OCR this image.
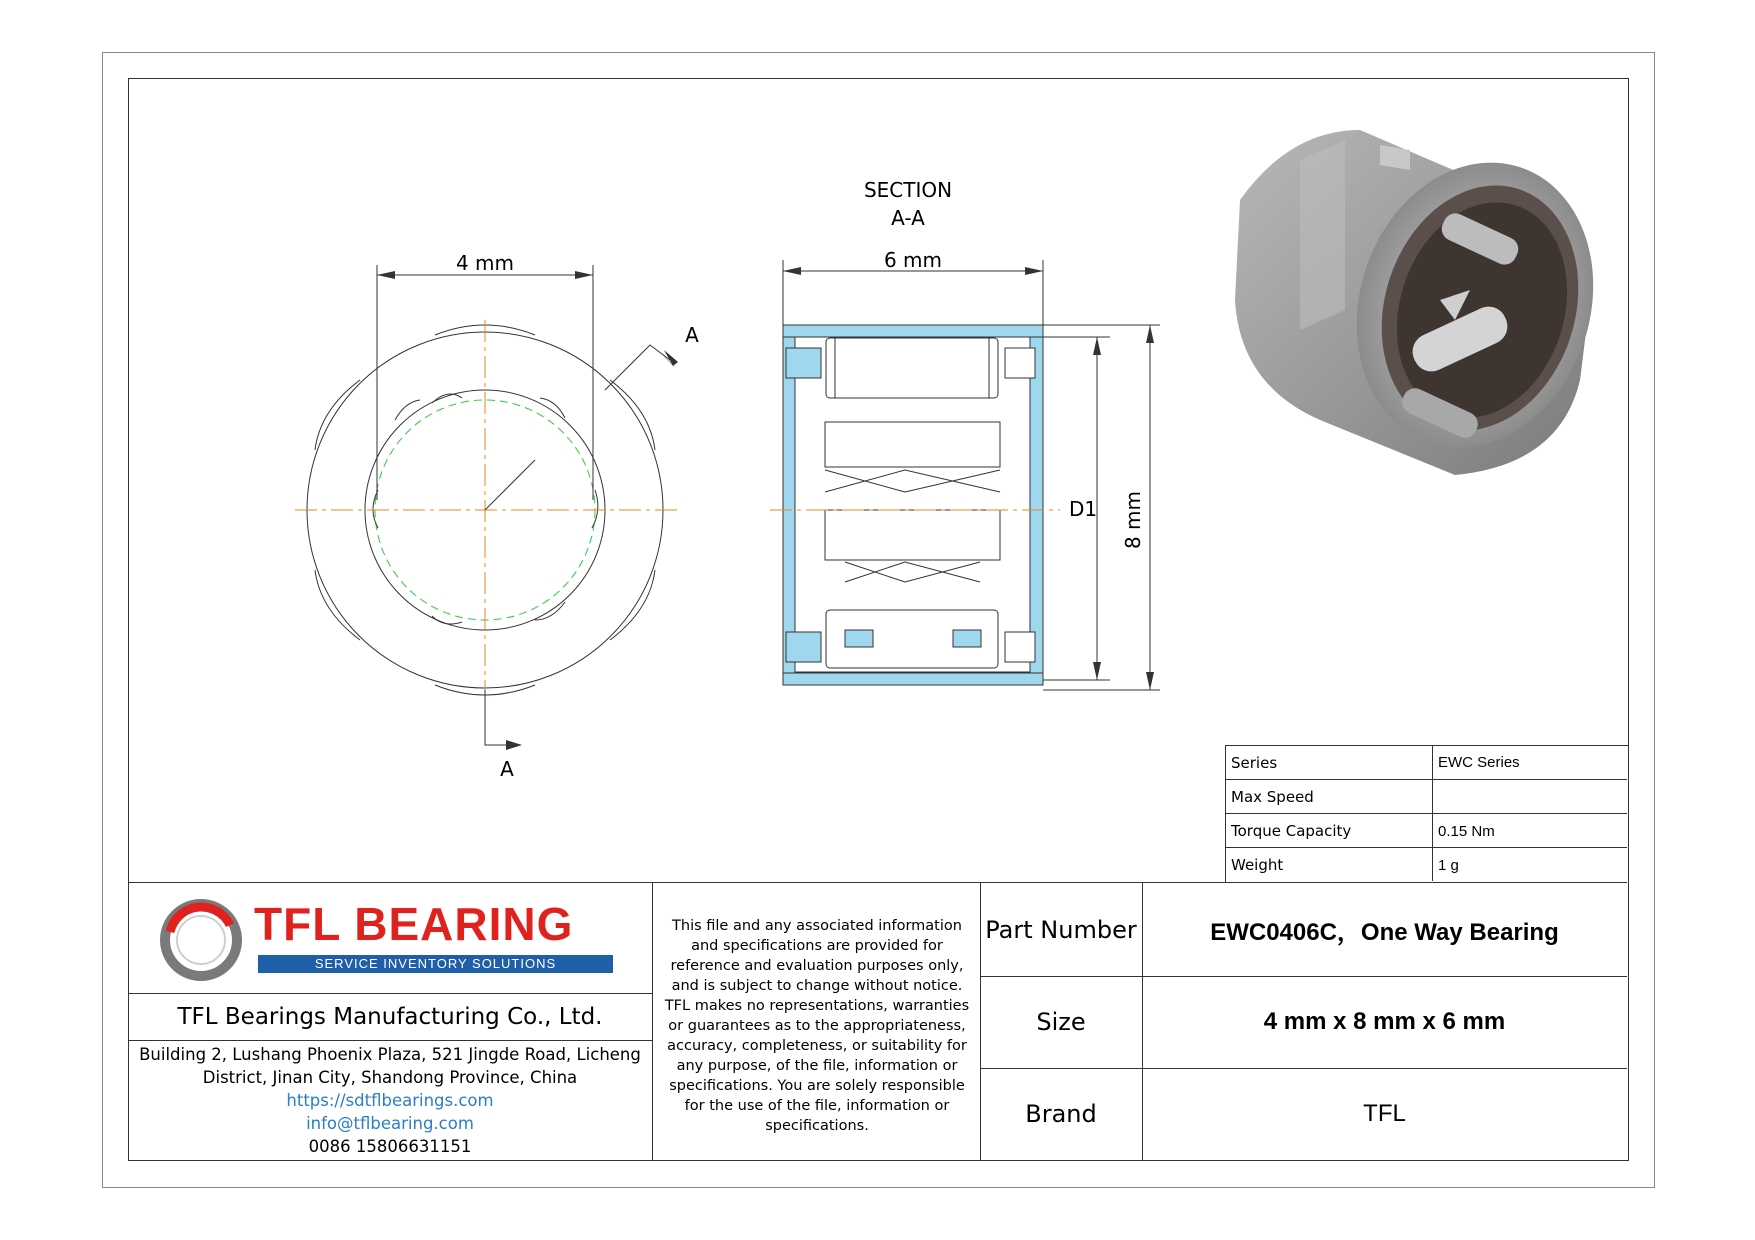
4 mm
A
A
SECTION
A-A
6 mm
D1 8 mm
Series	EWC Series
Max Speed
Torque Capacity	0.15 Nm
Weight	1 g
TFL BEARING
SERVICE INVENTORY SOLUTIONS
TFL Bearings Manufacturing Co., Ltd.
Building 2, Lushang Phoenix Plaza, 521 Jingde Road, Licheng
District, Jinan City, Shandong Province, China
https://sdtflbearings.com
info@tflbearing.com
0086 15806631151
This file and any associated information and specifications are provided for reference and evaluation purposes only, and is subject to change without notice. TFL makes no representations, warranties or guarantees as to the appropriateness, accuracy, completeness, or suitability for any purpose, of the file, information or specifications. You are solely responsible for the use of the file, information or specifications.
Part Number	EWC0406C，One Way Bearing
Size	4 mm x 8 mm x 6 mm
Brand	TFL
